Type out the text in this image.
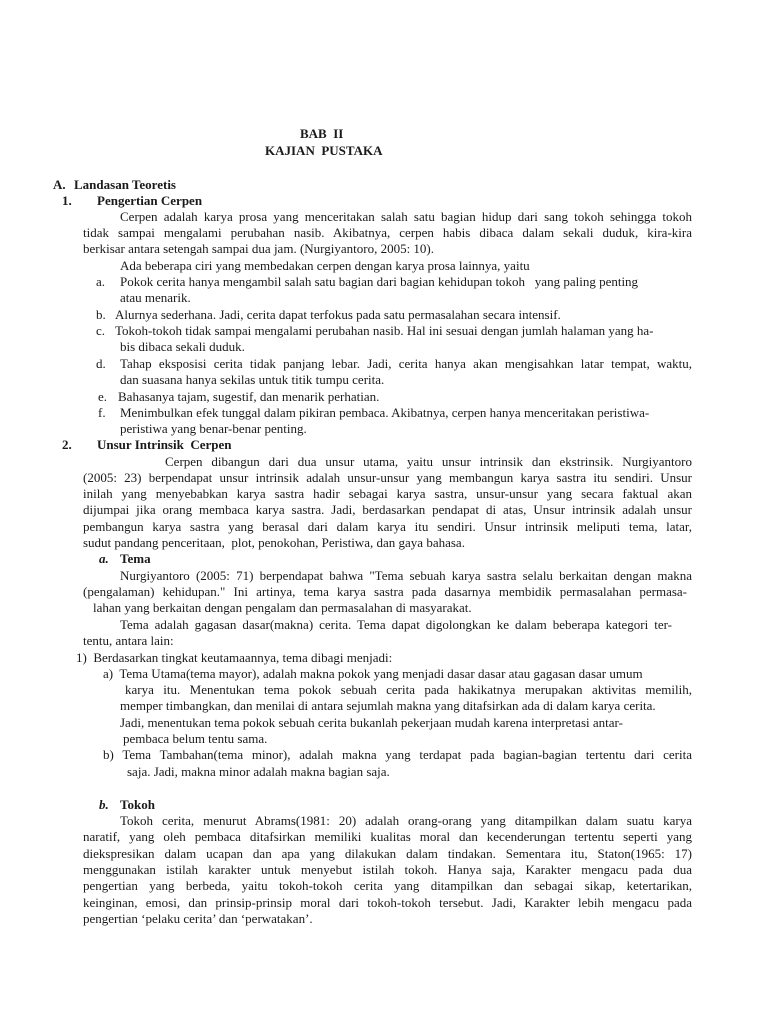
BAB  II
KAJIAN  PUSTAKA
A. Landasan Teoretis
1. Pengertian Cerpen
Cerpen adalah karya prosa yang menceritakan salah satu bagian hidup dari sang tokoh sehingga tokoh
tidak sampai mengalami perubahan nasib. Akibatnya, cerpen habis dibaca dalam sekali duduk, kira-kira
berkisar antara setengah sampai dua jam. (Nurgiyantoro, 2005: 10).
Ada beberapa ciri yang membedakan cerpen dengan karya prosa lainnya, yaitu
a. Pokok cerita hanya mengambil salah satu bagian dari bagian kehidupan tokoh   yang paling penting
atau menarik.
b. Alurnya sederhana. Jadi, cerita dapat terfokus pada satu permasalahan secara intensif.
c. Tokoh-tokoh tidak sampai mengalami perubahan nasib. Hal ini sesuai dengan jumlah halaman yang ha-
bis dibaca sekali duduk.
d. Tahap eksposisi cerita tidak panjang lebar. Jadi, cerita hanya akan mengisahkan latar tempat, waktu,
dan suasana hanya sekilas untuk titik tumpu cerita.
e. Bahasanya tajam, sugestif, dan menarik perhatian.
f. Menimbulkan efek tunggal dalam pikiran pembaca. Akibatnya, cerpen hanya menceritakan peristiwa-
peristiwa yang benar-benar penting.
2. Unsur Intrinsik  Cerpen
Cerpen dibangun dari dua unsur utama, yaitu unsur intrinsik dan ekstrinsik. Nurgiyantoro
(2005: 23) berpendapat unsur intrinsik adalah unsur-unsur yang membangun karya sastra itu sendiri. Unsur
inilah yang menyebabkan karya sastra hadir sebagai karya sastra, unsur-unsur yang secara faktual akan
dijumpai jika orang membaca karya sastra. Jadi, berdasarkan pendapat di atas, Unsur intrinsik adalah unsur
pembangun karya sastra yang berasal dari dalam karya itu sendiri. Unsur intrinsik meliputi tema, latar,
sudut pandang penceritaan,  plot, penokohan, Peristiwa, dan gaya bahasa.
a. Tema
Nurgiyantoro (2005: 71) berpendapat bahwa "Tema sebuah karya sastra selalu berkaitan dengan makna
(pengalaman) kehidupan." Ini artinya, tema karya sastra pada dasarnya membidik permasalahan permasa-
lahan yang berkaitan dengan pengalam dan permasalahan di masyarakat.
Tema adalah gagasan dasar(makna) cerita. Tema dapat digolongkan ke dalam beberapa kategori ter-
tentu, antara lain:
1)  Berdasarkan tingkat keutamaannya, tema dibagi menjadi:
a)  Tema Utama(tema mayor), adalah makna pokok yang menjadi dasar dasar atau gagasan dasar umum
karya itu. Menentukan tema pokok sebuah cerita pada hakikatnya merupakan aktivitas memilih,
memper timbangkan, dan menilai di antara sejumlah makna yang ditafsirkan ada di dalam karya cerita.
Jadi, menentukan tema pokok sebuah cerita bukanlah pekerjaan mudah karena interpretasi antar-
pembaca belum tentu sama.
b) Tema Tambahan(tema minor), adalah makna yang terdapat pada bagian-bagian tertentu dari cerita
saja. Jadi, makna minor adalah makna bagian saja.
b. Tokoh
Tokoh cerita, menurut Abrams(1981: 20) adalah orang-orang yang ditampilkan dalam suatu karya
naratif, yang oleh pembaca ditafsirkan memiliki kualitas moral dan kecenderungan tertentu seperti yang
diekspresikan dalam ucapan dan apa yang dilakukan dalam tindakan. Sementara itu, Staton(1965: 17)
menggunakan istilah karakter untuk menyebut istilah tokoh. Hanya saja, Karakter mengacu pada dua
pengertian yang berbeda, yaitu tokoh-tokoh cerita yang ditampilkan dan sebagai sikap, ketertarikan,
keinginan, emosi, dan prinsip-prinsip moral dari tokoh-tokoh tersebut. Jadi, Karakter lebih mengacu pada
pengertian ‘pelaku cerita’ dan ‘perwatakan’.
